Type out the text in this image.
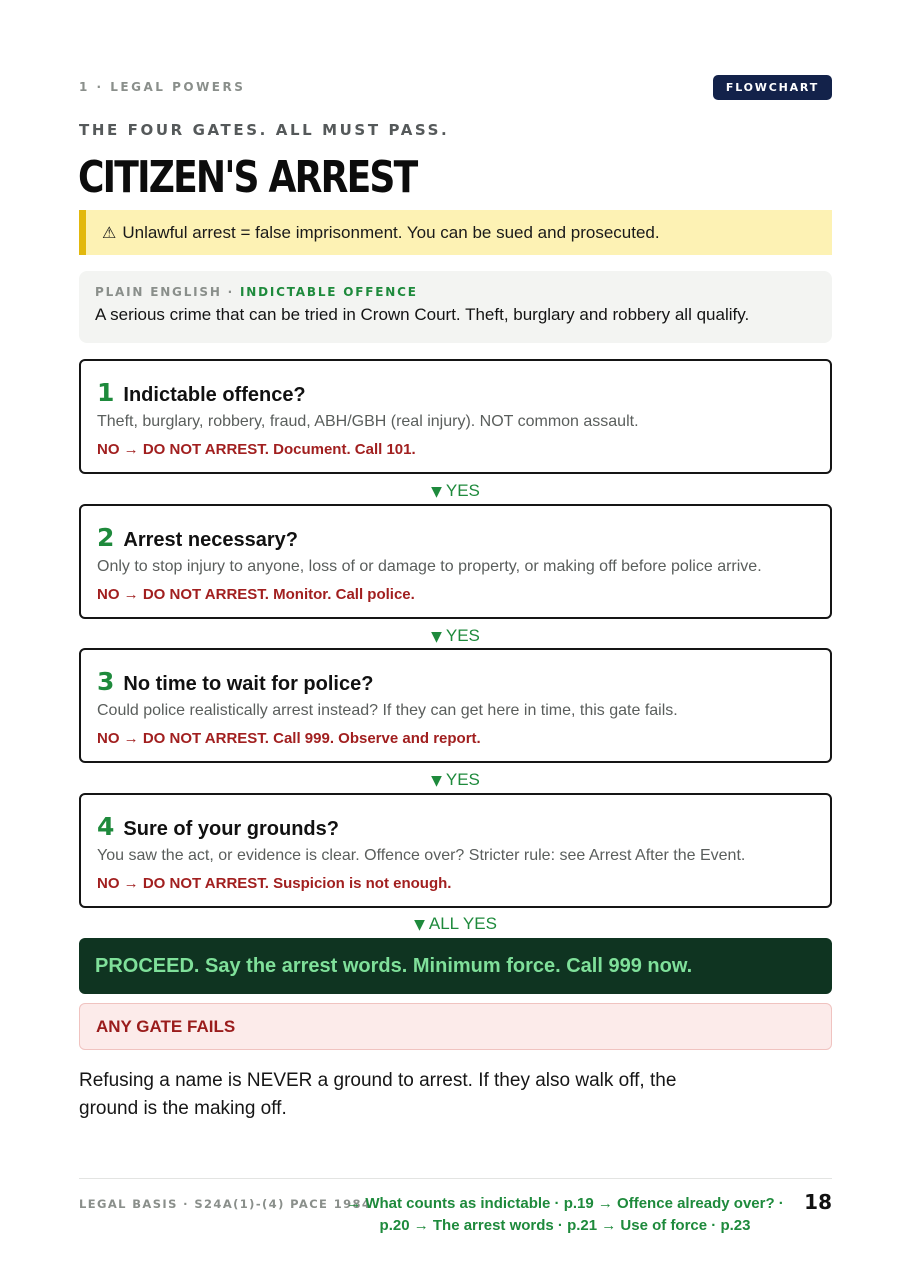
1 · LEGAL POWERS	FLOWCHART
THE FOUR GATES. ALL MUST PASS.
CITIZEN'S ARREST
⚠ Unlawful arrest = false imprisonment. You can be sued and prosecuted.
PLAIN ENGLISH · INDICTABLE OFFENCE
A serious crime that can be tried in Crown Court. Theft, burglary and robbery all qualify.
1 Indictable offence?
Theft, burglary, robbery, fraud, ABH/GBH (real injury). NOT common assault.
NO → DO NOT ARREST. Document. Call 101.
▼ YES
2 Arrest necessary?
Only to stop injury to anyone, loss of or damage to property, or making off before police arrive.
NO → DO NOT ARREST. Monitor. Call police.
▼ YES
3 No time to wait for police?
Could police realistically arrest instead? If they can get here in time, this gate fails.
NO → DO NOT ARREST. Call 999. Observe and report.
▼ YES
4 Sure of your grounds?
You saw the act, or evidence is clear. Offence over? Stricter rule: see Arrest After the Event.
NO → DO NOT ARREST. Suspicion is not enough.
▼ ALL YES
PROCEED. Say the arrest words. Minimum force. Call 999 now.
ANY GATE FAILS
Refusing a name is NEVER a ground to arrest. If they also walk off, the ground is the making off.
LEGAL BASIS · S24A(1)-(4) PACE 1984
→ What counts as indictable · p.19 → Offence already over? · p.20 → The arrest words · p.21 → Use of force · p.23
18
